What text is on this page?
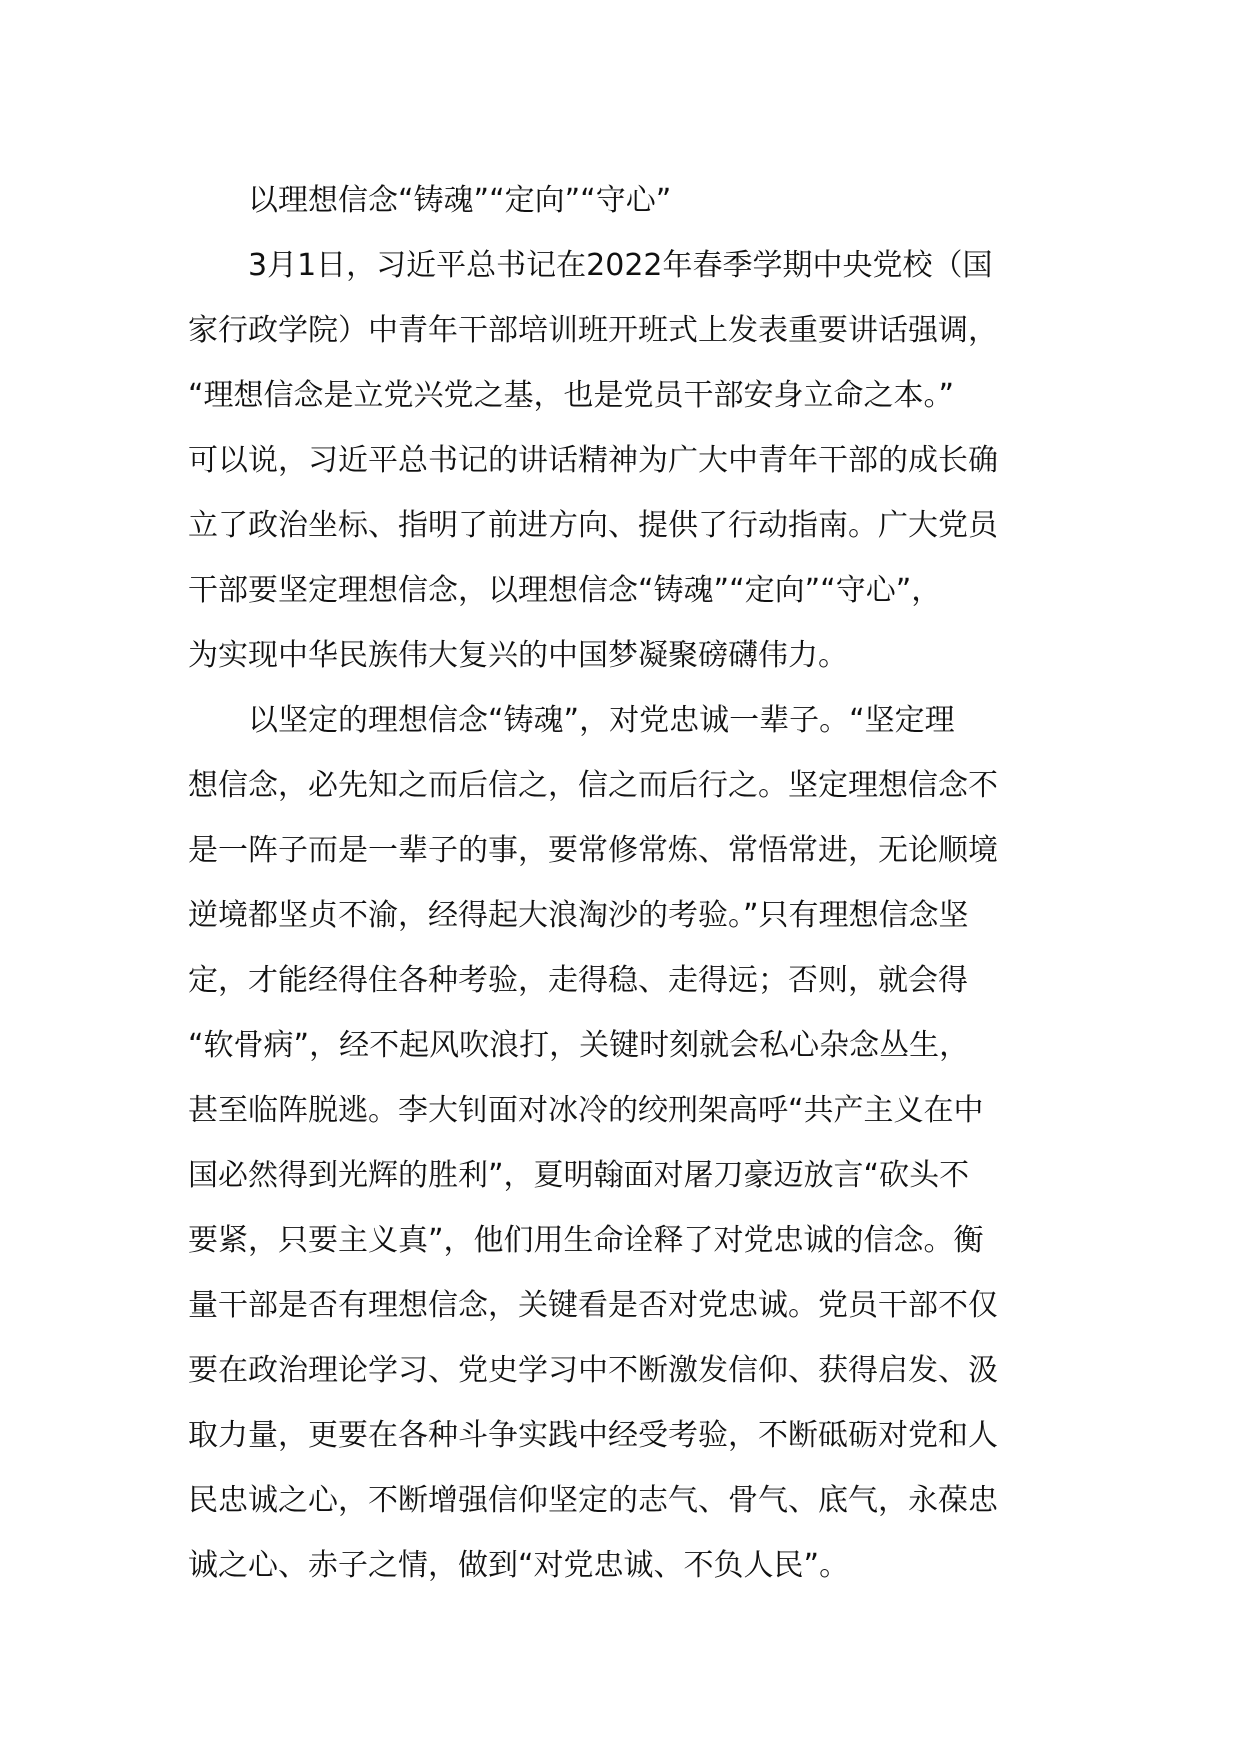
　　以理想信念“铸魂”“定向”“守心”

　　3月1日，习近平总书记在2022年春季学期中央党校（国

家行政学院）中青年干部培训班开班式上发表重要讲话强调，

“理想信念是立党兴党之基，也是党员干部安身立命之本。”

可以说，习近平总书记的讲话精神为广大中青年干部的成长确

立了政治坐标、指明了前进方向、提供了行动指南。广大党员

干部要坚定理想信念，以理想信念“铸魂”“定向”“守心”，

为实现中华民族伟大复兴的中国梦凝聚磅礴伟力。

　　以坚定的理想信念“铸魂”，对党忠诚一辈子。“坚定理

想信念，必先知之而后信之，信之而后行之。坚定理想信念不

是一阵子而是一辈子的事，要常修常炼、常悟常进，无论顺境

逆境都坚贞不渝，经得起大浪淘沙的考验。”只有理想信念坚

定，才能经得住各种考验，走得稳、走得远；否则，就会得

“软骨病”，经不起风吹浪打，关键时刻就会私心杂念丛生，

甚至临阵脱逃。李大钊面对冰冷的绞刑架高呼“共产主义在中

国必然得到光辉的胜利”，夏明翰面对屠刀豪迈放言“砍头不

要紧，只要主义真”，他们用生命诠释了对党忠诚的信念。衡

量干部是否有理想信念，关键看是否对党忠诚。党员干部不仅

要在政治理论学习、党史学习中不断激发信仰、获得启发、汲

取力量，更要在各种斗争实践中经受考验，不断砥砺对党和人

民忠诚之心，不断增强信仰坚定的志气、骨气、底气，永葆忠

诚之心、赤子之情，做到“对党忠诚、不负人民”。
